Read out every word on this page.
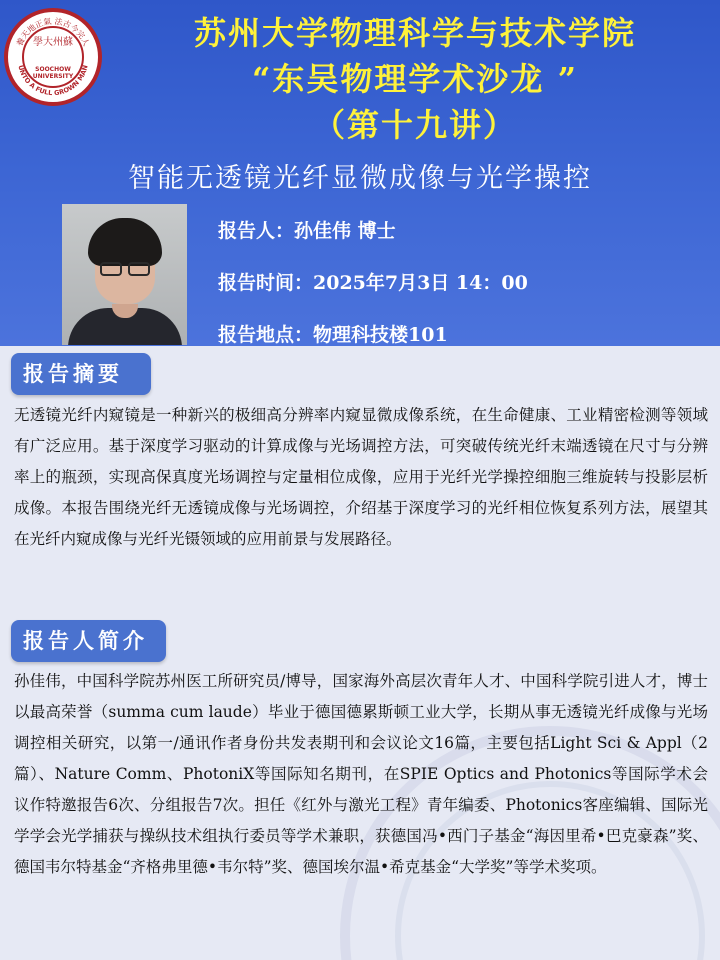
養天地正氣 法古今完人
UNTO A FULL GROWN MAN
學大州蘇
SOOCHOW UNIVERSITY
苏州大学物理科学与技术学院
“东吴物理学术沙龙 ”
（第十九讲）
智能无透镜光纤显微成像与光学操控
报告人：孙佳伟 博士
报告时间：2025年7月3日 14：00
报告地点：物理科技楼101
报告摘要
无透镜光纤内窥镜是一种新兴的极细高分辨率内窥显微成像系统，在生命健康、工业精密检测等领域有广泛应用。基于深度学习驱动的计算成像与光场调控方法，可突破传统光纤末端透镜在尺寸与分辨率上的瓶颈，实现高保真度光场调控与定量相位成像，应用于光纤光学操控细胞三维旋转与投影层析成像。本报告围绕光纤无透镜成像与光场调控，介绍基于深度学习的光纤相位恢复系列方法，展望其在光纤内窥成像与光纤光镊领域的应用前景与发展路径。
报告人简介
孙佳伟，中国科学院苏州医工所研究员/博导，国家海外高层次青年人才、中国科学院引进人才，博士以最高荣誉（summa cum laude）毕业于德国德累斯顿工业大学，长期从事无透镜光纤成像与光场调控相关研究，以第一/通讯作者身份共发表期刊和会议论文16篇，主要包括Light Sci & Appl（2篇）、Nature Comm、PhotoniX等国际知名期刊，在SPIE Optics and Photonics等国际学术会议作特邀报告6次、分组报告7次。担任《红外与激光工程》青年编委、Photonics客座编辑、国际光学学会光学捕获与操纵技术组执行委员等学术兼职，获德国冯•西门子基金“海因里希•巴克豪森”奖、德国韦尔特基金“齐格弗里德•韦尔特”奖、德国埃尔温•希克基金“大学奖”等学术奖项。
